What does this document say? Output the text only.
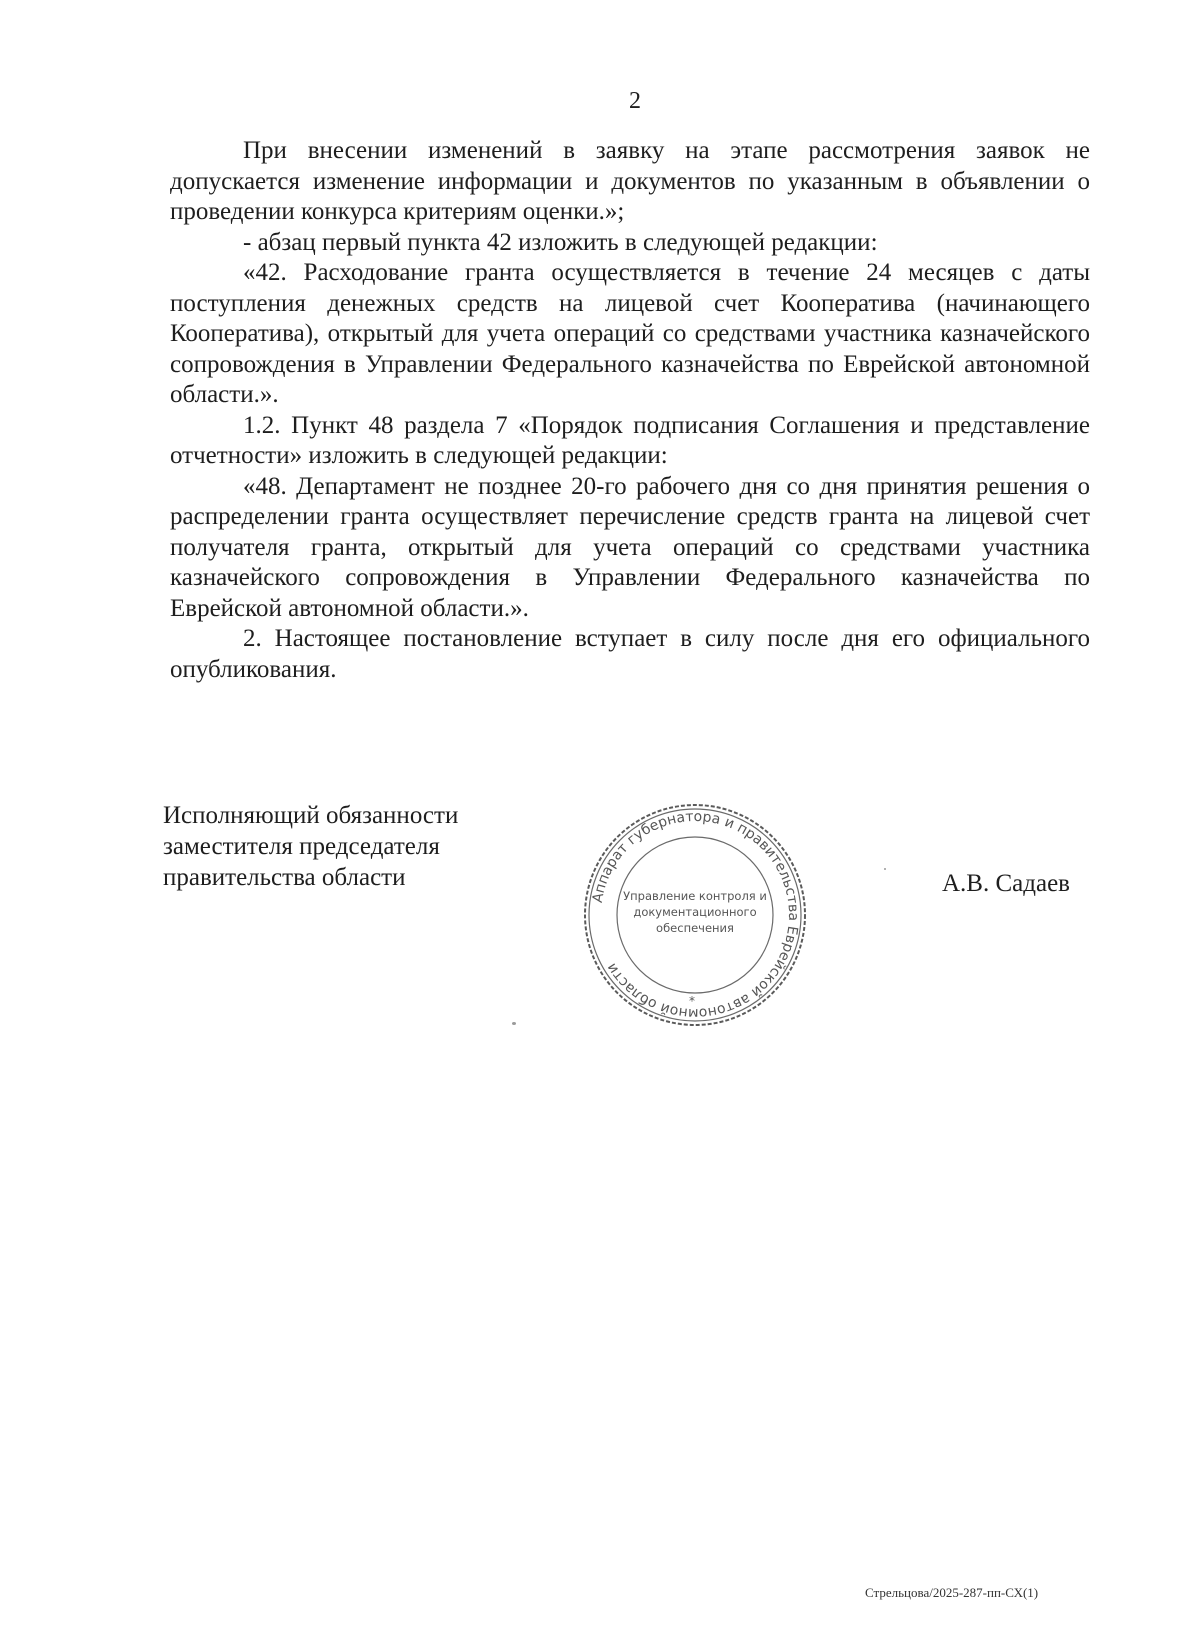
2

При внесении изменений в заявку на этапе рассмотрения заявок не допускается изменение информации и документов по указанным в объявлении о проведении конкурса критериям оценки.»;

- абзац первый пункта 42 изложить в следующей редакции:

«42. Расходование гранта осуществляется в течение 24 месяцев с даты поступления денежных средств на лицевой счет Кооператива (начинающего Кооператива), открытый для учета операций со средствами участника казначейского сопровождения в Управлении Федерального казначейства по Еврейской автономной области.».

1.2. Пункт 48 раздела 7 «Порядок подписания Соглашения и представление отчетности» изложить в следующей редакции:

«48. Департамент не позднее 20-го рабочего дня со дня принятия решения о распределении гранта осуществляет перечисление средств гранта на лицевой счет получателя гранта, открытый для учета операций со средствами участника казначейского сопровождения в Управлении Федерального казначейства по Еврейской автономной области.».

2. Настоящее постановление вступает в силу после дня его официального опубликования.

Исполняющий обязанности
заместителя председателя
правительства области
Аппарат губернатора и правительства Еврейской автономной области
Управление контроля и
документационного
обеспечения
*
А.В. Садаев
Стрельцова/2025-287-пп-СХ(1)
